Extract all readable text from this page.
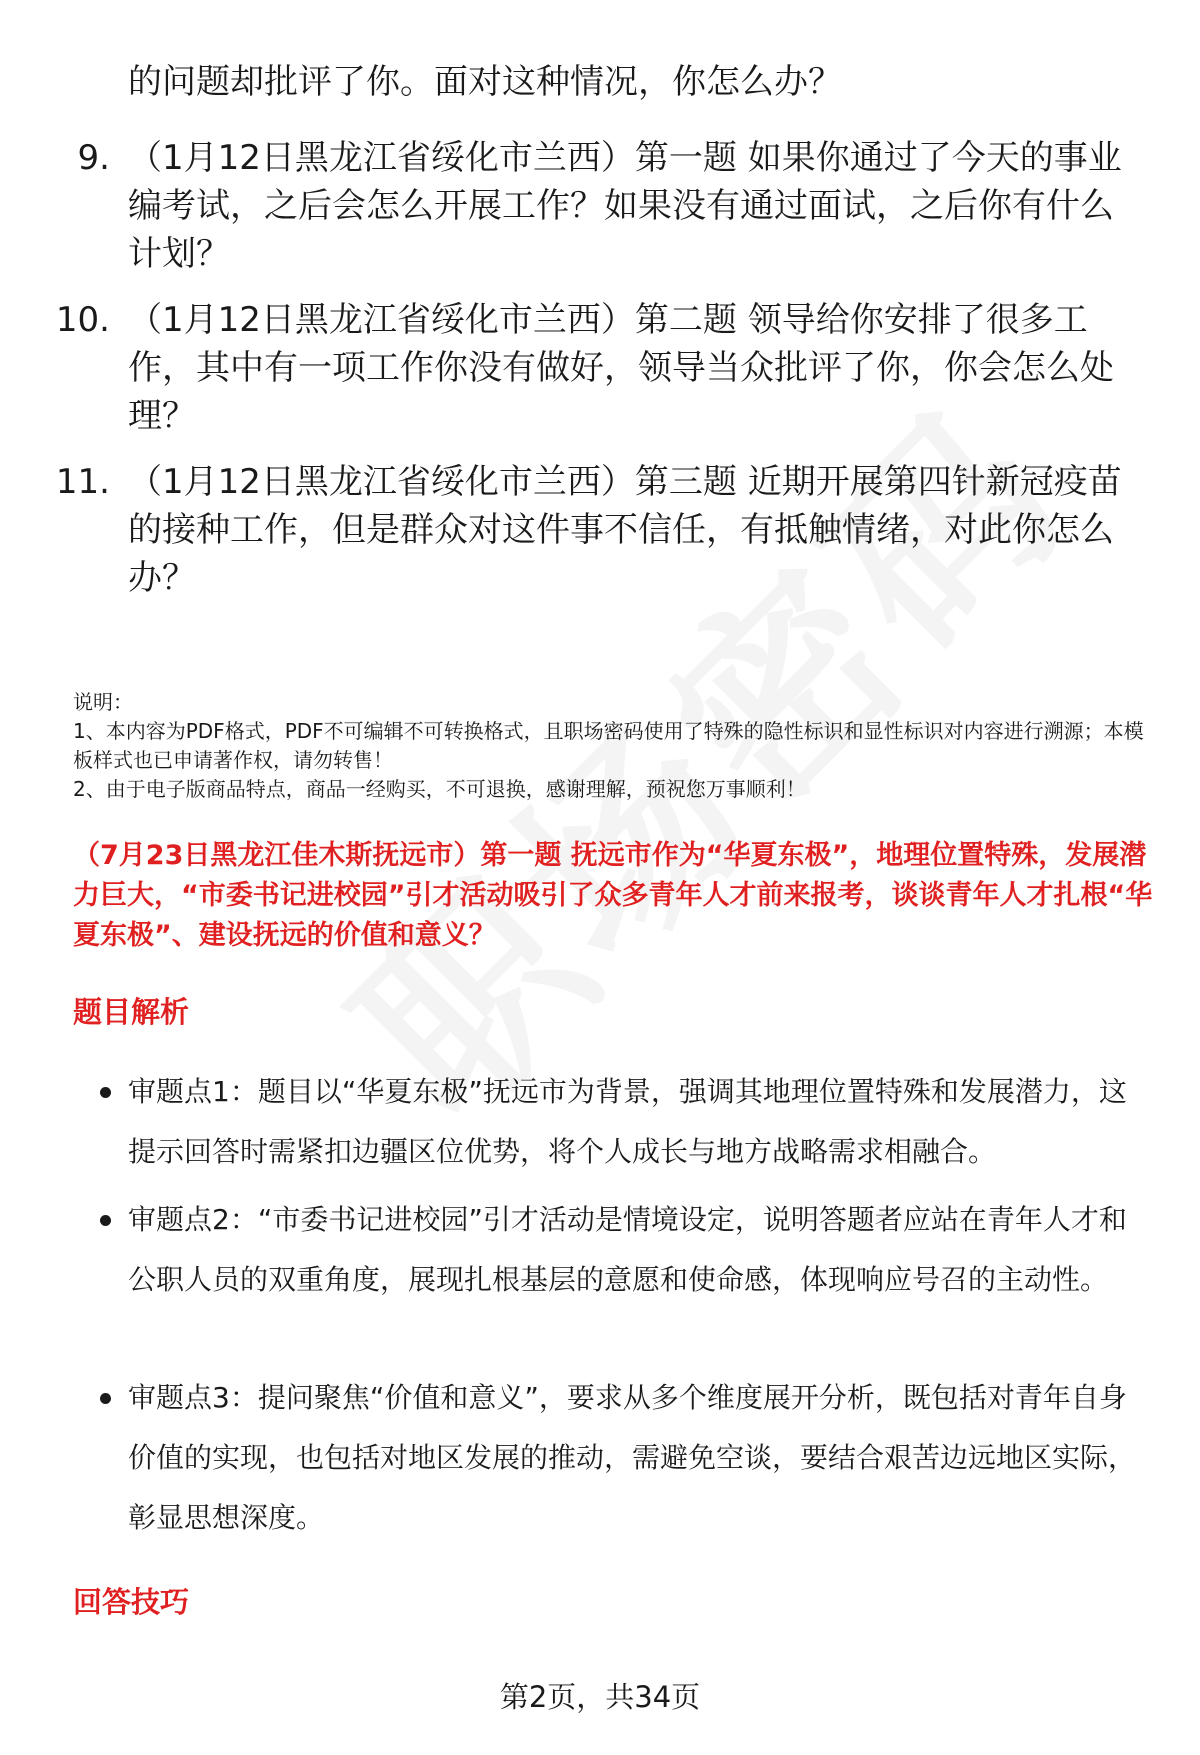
的问题却批评了你。面对这种情况，你怎么办？
9. （1月12日黑龙江省绥化市兰西）第一题 如果你通过了今天的事业编考试，之后会怎么开展工作？如果没有通过面试，之后你有什么计划？
10. （1月12日黑龙江省绥化市兰西）第二题 领导给你安排了很多工作，其中有一项工作你没有做好，领导当众批评了你，你会怎么处理？
11. （1月12日黑龙江省绥化市兰西）第三题 近期开展第四针新冠疫苗的接种工作，但是群众对这件事不信任，有抵触情绪，对此你怎么办？

说明：

1、本内容为PDF格式，PDF不可编辑不可转换格式，且职场密码使用了特殊的隐性标识和显性标识对内容进行溯源；本模板样式也已申请著作权，请勿转售！

2、由于电子版商品特点，商品一经购买，不可退换，感谢理解，预祝您万事顺利！

（7月23日黑龙江佳木斯抚远市）第一题 抚远市作为“华夏东极”，地理位置特殊，发展潜力巨大，“市委书记进校园”引才活动吸引了众多青年人才前来报考，谈谈青年人才扎根“华夏东极”、建设抚远的价值和意义？
题目解析
审题点1：题目以“华夏东极”抚远市为背景，强调其地理位置特殊和发展潜力，这提示回答时需紧扣边疆区位优势，将个人成长与地方战略需求相融合。
审题点2：“市委书记进校园”引才活动是情境设定，说明答题者应站在青年人才和公职人员的双重角度，展现扎根基层的意愿和使命感，体现响应号召的主动性。
审题点3：提问聚焦“价值和意义”，要求从多个维度展开分析，既包括对青年自身价值的实现，也包括对地区发展的推动，需避免空谈，要结合艰苦边远地区实际，彰显思想深度。
回答技巧
第2页，共34页
